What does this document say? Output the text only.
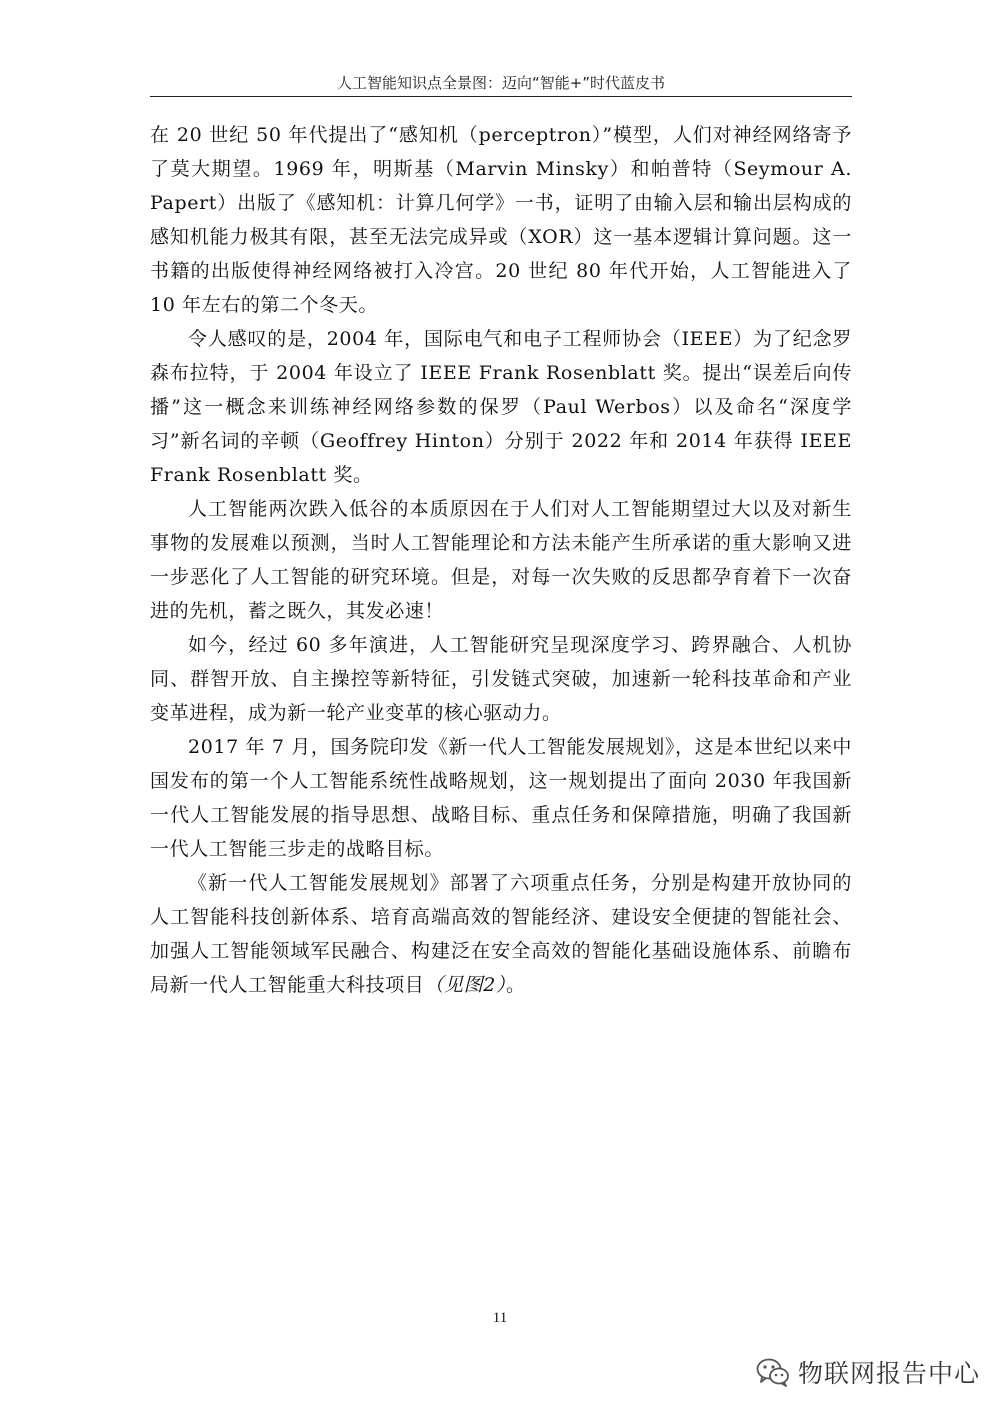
人工智能知识点全景图：迈向“智能+”时代蓝皮书

在 20 世纪 50 年代提出了“感知机（perceptron）”模型，人们对神经网络寄予了莫大期望。1969 年，明斯基（Marvin Minsky）和帕普特（Seymour A. Papert）出版了《感知机：计算几何学》一书，证明了由输入层和输出层构成的感知机能力极其有限，甚至无法完成异或（XOR）这一基本逻辑计算问题。这一书籍的出版使得神经网络被打入冷宫。20 世纪 80 年代开始，人工智能进入了 10 年左右的第二个冬天。

令人感叹的是，2004 年，国际电气和电子工程师协会（IEEE）为了纪念罗森布拉特，于 2004 年设立了 IEEE Frank Rosenblatt 奖。提出“误差后向传播”这一概念来训练神经网络参数的保罗（Paul Werbos）以及命名“深度学习”新名词的辛顿（Geoffrey Hinton）分别于 2022 年和 2014 年获得 IEEE Frank Rosenblatt 奖。

人工智能两次跌入低谷的本质原因在于人们对人工智能期望过大以及对新生事物的发展难以预测，当时人工智能理论和方法未能产生所承诺的重大影响又进一步恶化了人工智能的研究环境。但是，对每一次失败的反思都孕育着下一次奋进的先机，蓄之既久，其发必速！

如今，经过 60 多年演进，人工智能研究呈现深度学习、跨界融合、人机协同、群智开放、自主操控等新特征，引发链式突破，加速新一轮科技革命和产业变革进程，成为新一轮产业变革的核心驱动力。

2017 年 7 月，国务院印发《新一代人工智能发展规划》，这是本世纪以来中国发布的第一个人工智能系统性战略规划，这一规划提出了面向 2030 年我国新一代人工智能发展的指导思想、战略目标、重点任务和保障措施，明确了我国新一代人工智能三步走的战略目标。

《新一代人工智能发展规划》部署了六项重点任务，分别是构建开放协同的人工智能科技创新体系、培育高端高效的智能经济、建设安全便捷的智能社会、加强人工智能领域军民融合、构建泛在安全高效的智能化基础设施体系、前瞻布局新一代人工智能重大科技项目（见图2）。

11
物联网报告中心
